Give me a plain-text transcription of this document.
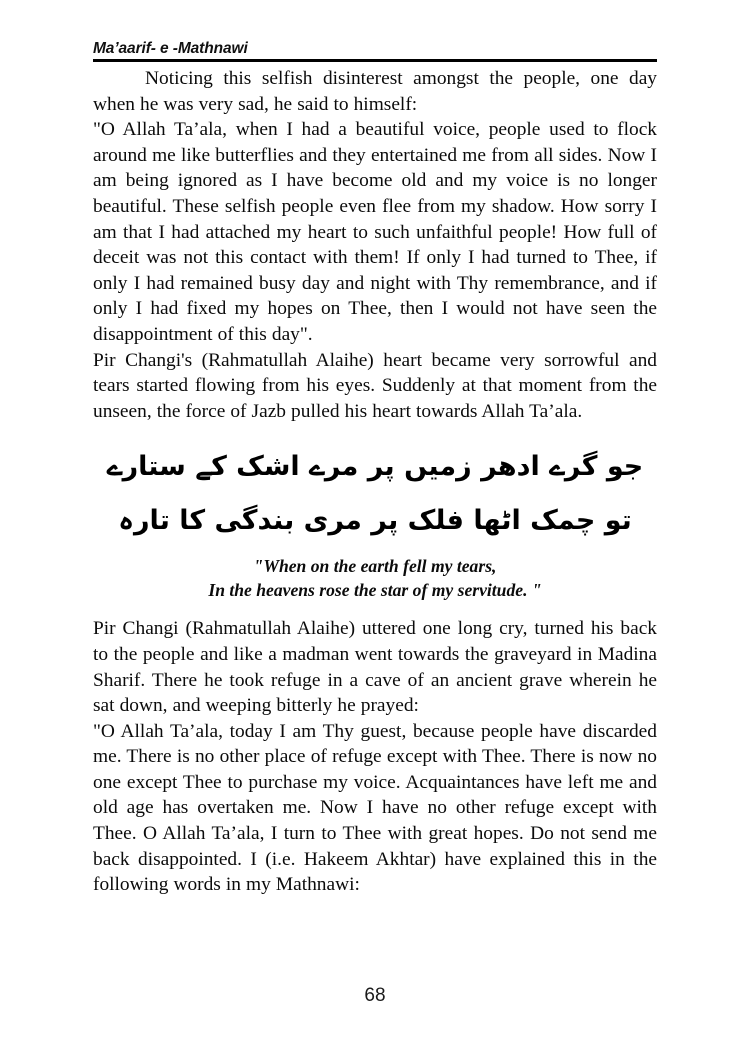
Ma’aarif- e -Mathnawi

Noticing this selfish disinterest amongst the people, one day when he was very sad, he said to himself:

"O Allah Ta’ala, when I had a beautiful voice, people used to flock around me like butterflies and they entertained me from all sides. Now I am being ignored as I have become old and my voice is no longer beautiful. These selfish people even flee from my shadow. How sorry I am that I had attached my heart to such unfaithful people! How full of deceit was not this contact with them! If only I had turned to Thee, if only I had remained busy day and night with Thy remembrance, and if only I had fixed my hopes on Thee, then I would not have seen the disappointment of this day".

Pir Changi's (Rahmatullah Alaihe) heart became very sorrowful and tears started flowing from his eyes. Suddenly at that moment from the unseen, the force of Jazb pulled his heart towards Allah Ta’ala.

جو گرے ادھر زمیں پر مرے اشک کے ستارے
تو چمک اٹھا فلک پر مری بندگی کا تارہ
"When on the earth fell my tears,
In the heavens rose the star of my servitude. "

Pir Changi (Rahmatullah Alaihe) uttered one long cry, turned his back to the people and like a madman went towards the graveyard in Madina Sharif. There he took refuge in a cave of an ancient grave wherein he sat down, and weeping bitterly he prayed:

"O Allah Ta’ala, today I am Thy guest, because people have discarded me. There is no other place of refuge except with Thee. There is now no one except Thee to purchase my voice. Acquaintances have left me and old age has overtaken me. Now I have no other refuge except with Thee. O Allah Ta’ala, I turn to Thee with great hopes. Do not send me back disappointed. I (i.e. Hakeem Akhtar) have explained this in the following words in my Mathnawi:

68
